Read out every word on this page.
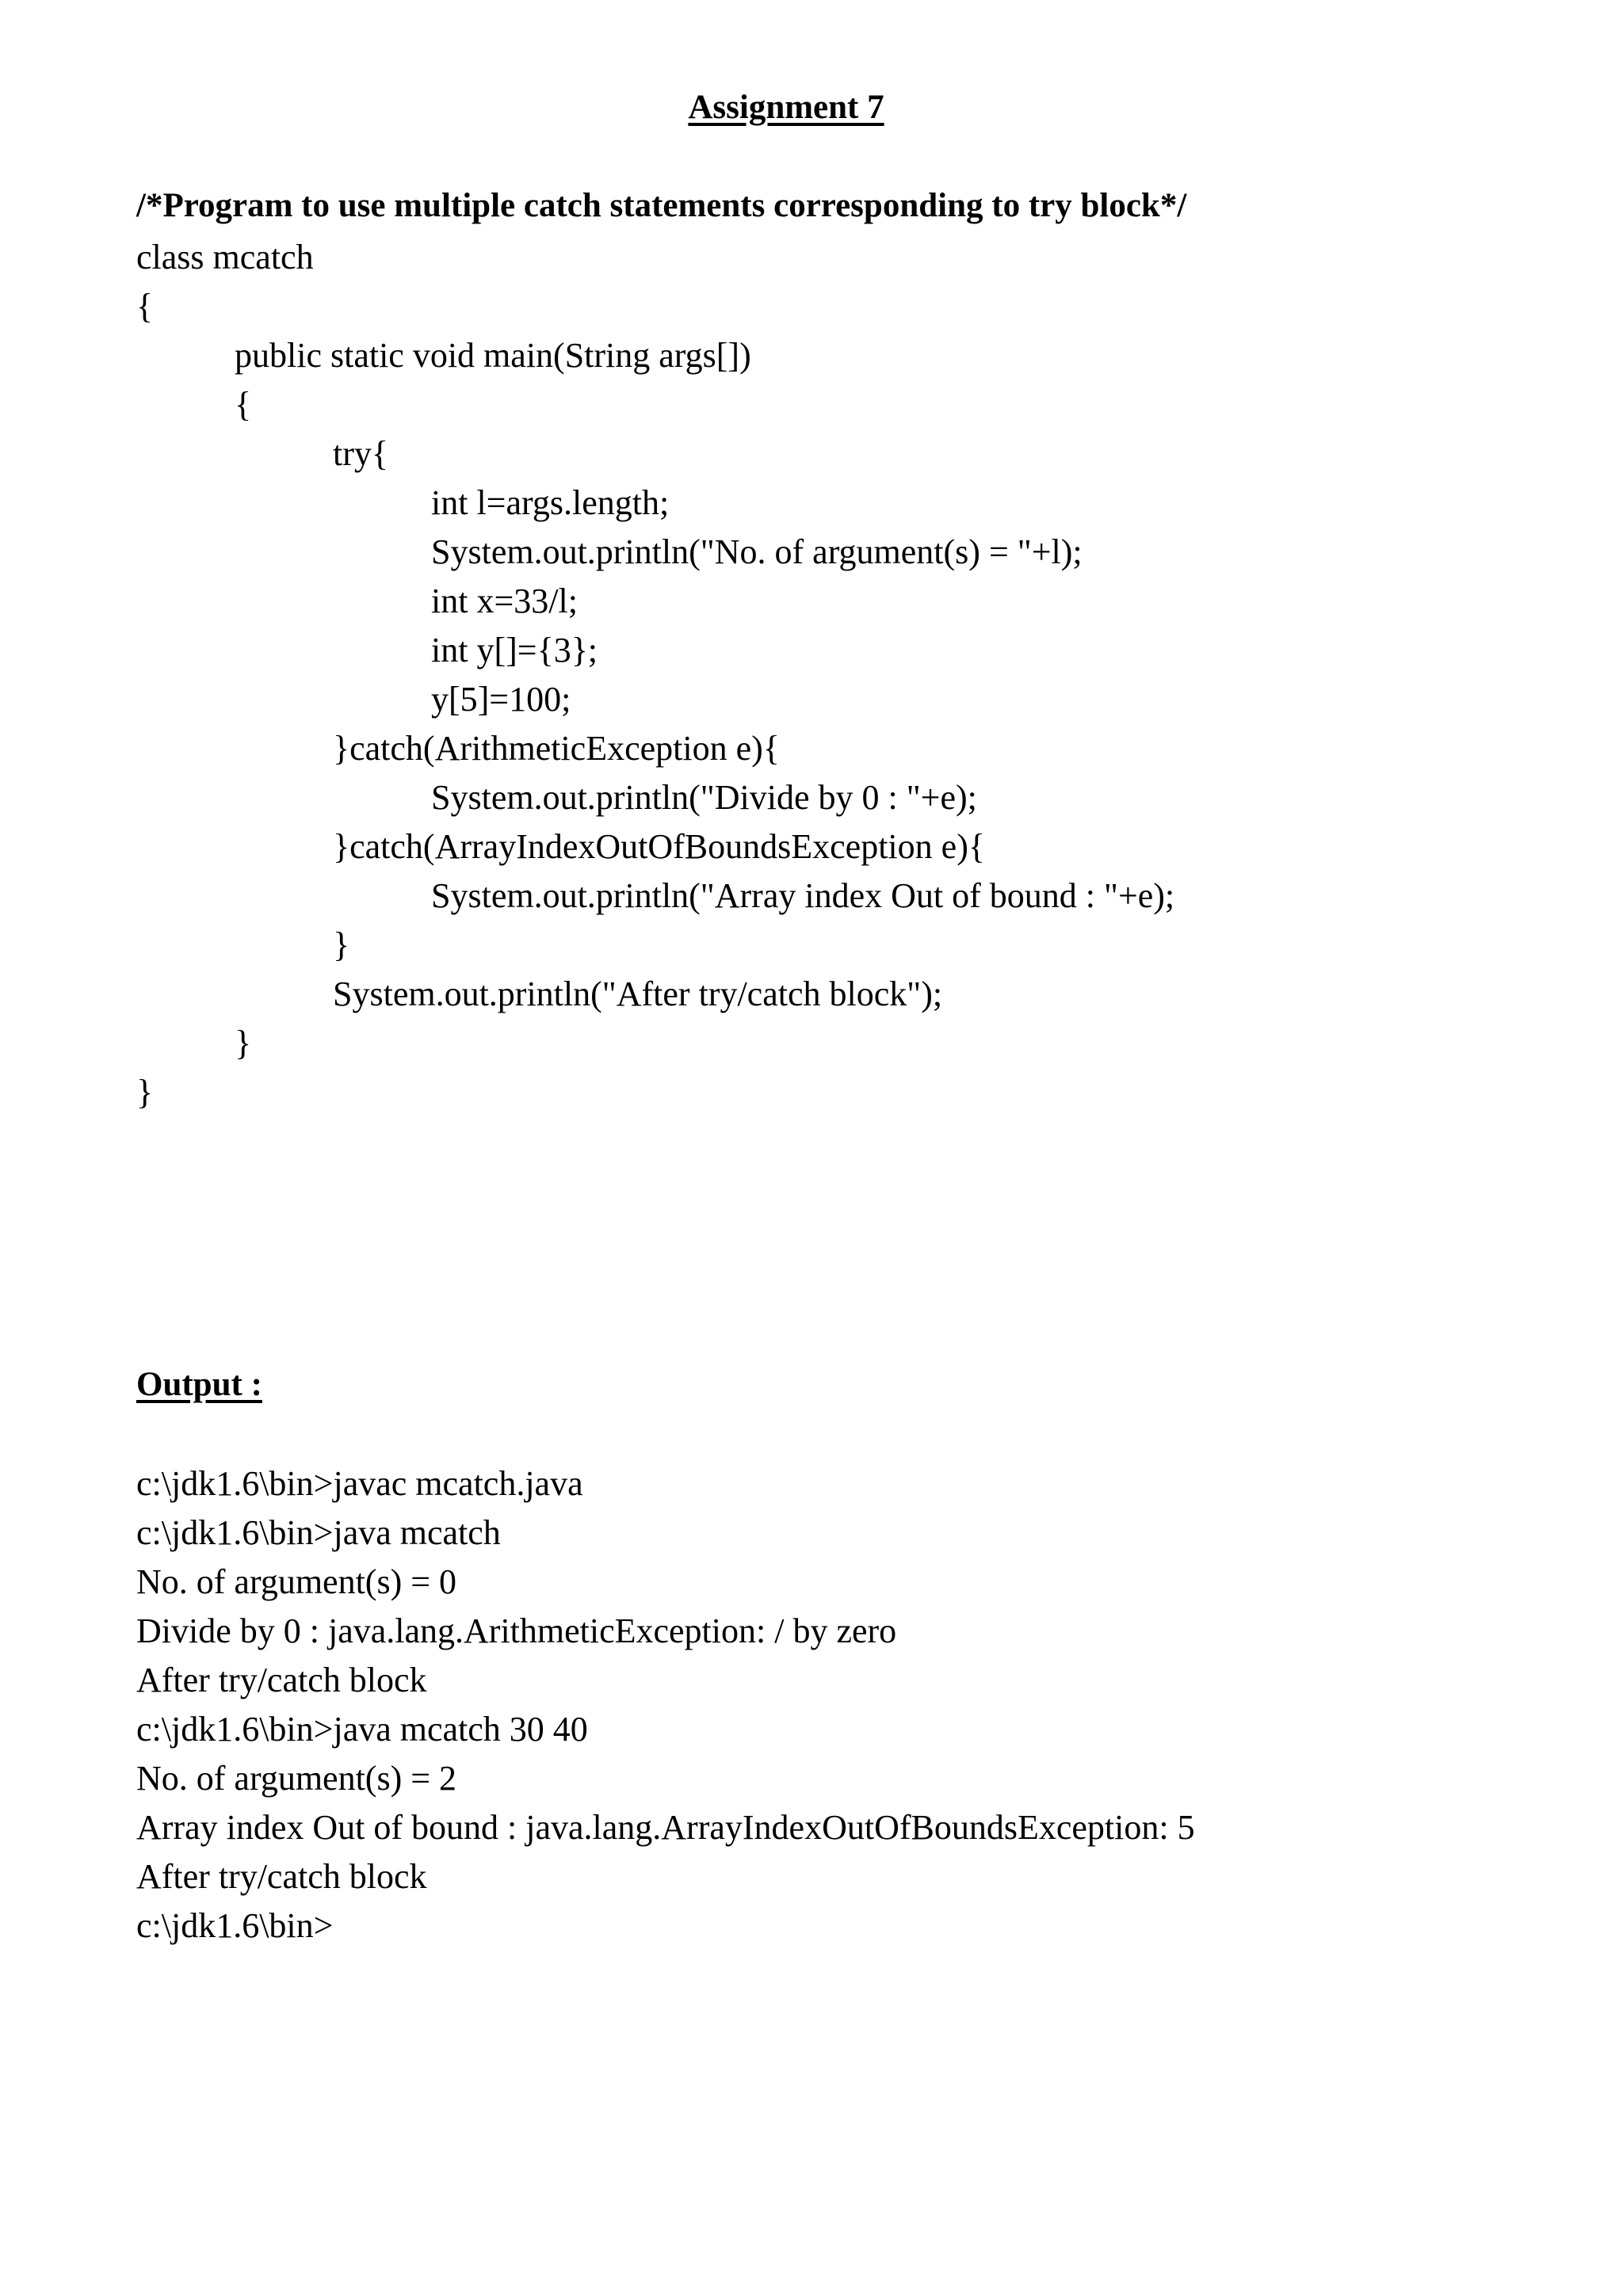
Assignment 7
/*Program to use multiple catch statements corresponding to try block*/
class mcatch
{
public static void main(String args[])
{
try{
int l=args.length;
System.out.println("No. of argument(s) = "+l);
int x=33/l;
int y[]={3};
y[5]=100;
}catch(ArithmeticException e){
System.out.println("Divide by 0 : "+e);
}catch(ArrayIndexOutOfBoundsException e){
System.out.println("Array index Out of bound : "+e);
}
System.out.println("After try/catch block");
}
}
Output :
c:\jdk1.6\bin>javac mcatch.java
c:\jdk1.6\bin>java mcatch
No. of argument(s) = 0
Divide by 0 : java.lang.ArithmeticException: / by zero
After try/catch block
c:\jdk1.6\bin>java mcatch 30 40
No. of argument(s) = 2
Array index Out of bound : java.lang.ArrayIndexOutOfBoundsException: 5
After try/catch block
c:\jdk1.6\bin>
